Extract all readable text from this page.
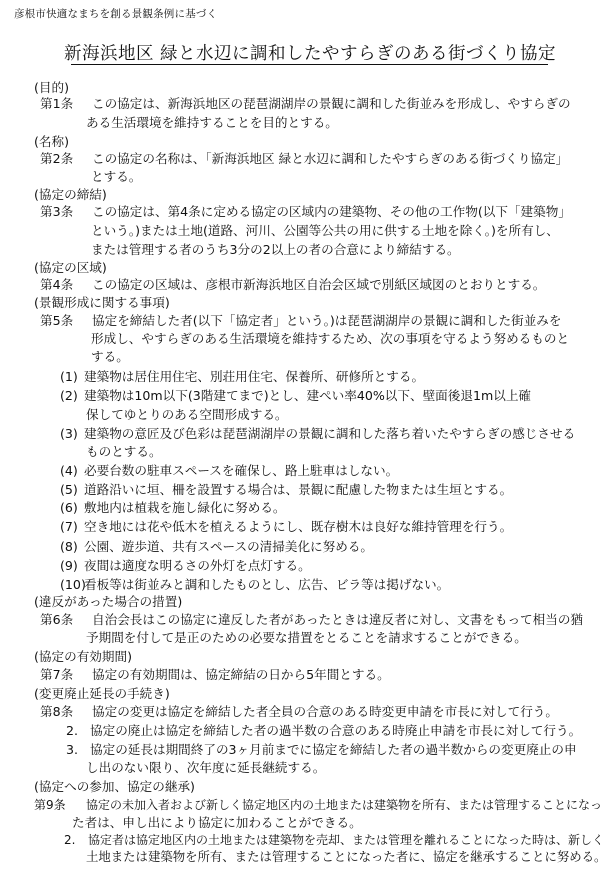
彦根市快適なまちを創る景観条例に基づく
新海浜地区 緑と水辺に調和したやすらぎのある街づくり協定
(目的)
第1条 この協定は、新海浜地区の琵琶湖湖岸の景観に調和した街並みを形成し、やすらぎの
ある生活環境を維持することを目的とする。
(名称)
第2条 この協定の名称は、「新海浜地区 緑と水辺に調和したやすらぎのある街づくり協定」
とする。
(協定の締結)
第3条 この協定は、第4条に定める協定の区域内の建築物、その他の工作物(以下「建築物」
という。)または土地(道路、河川、公園等公共の用に供する土地を除く。)を所有し、
または管理する者のうち3分の2以上の者の合意により締結する。
(協定の区域)
第4条 この協定の区域は、彦根市新海浜地区自治会区域で別紙区域図のとおりとする。
(景観形成に関する事項)
第5条 協定を締結した者(以下「協定者」という。)は琵琶湖湖岸の景観に調和した街並みを
形成し、やすらぎのある生活環境を維持するため、次の事項を守るよう努めるものと
する。
(1) 建築物は居住用住宅、別荘用住宅、保養所、研修所とする。
(2) 建築物は10m以下(3階建てまで)とし、建ぺい率40%以下、壁面後退1m以上確
保してゆとりのある空間形成する。
(3) 建築物の意匠及び色彩は琵琶湖湖岸の景観に調和した落ち着いたやすらぎの感じさせる
ものとする。
(4) 必要台数の駐車スペースを確保し、路上駐車はしない。
(5) 道路沿いに垣、柵を設置する場合は、景観に配慮した物または生垣とする。
(6) 敷地内は植栽を施し緑化に努める。
(7) 空き地には花や低木を植えるようにし、既存樹木は良好な維持管理を行う。
(8) 公園、遊歩道、共有スペースの清掃美化に努める。
(9) 夜間は適度な明るさの外灯を点灯する。
(10)看板等は街並みと調和したものとし、広告、ビラ等は掲げない。
(違反があった場合の措置)
第6条 自治会長はこの協定に違反した者があったときは違反者に対し、文書をもって相当の猶
予期間を付して是正のための必要な措置をとることを請求することができる。
(協定の有効期間)
第7条 協定の有効期間は、協定締結の日から5年間とする。
(変更廃止延長の手続き)
第8条 協定の変更は協定を締結した者全員の合意のある時変更申請を市長に対して行う。
2. 協定の廃止は協定を締結した者の過半数の合意のある時廃止申請を市長に対して行う。
3. 協定の延長は期間終了の3ヶ月前までに協定を締結した者の過半数からの変更廃止の申
し出のない限り、次年度に延長継続する。
(協定への参加、協定の継承)
第9条 協定の未加入者および新しく協定地区内の土地または建築物を所有、または管理することになっ
た者は、申し出により協定に加わることができる。
2. 協定者は協定地区内の土地または建築物を売却、または管理を離れることになった時は、新しく
土地または建築物を所有、または管理することになった者に、協定を継承することに努める。
